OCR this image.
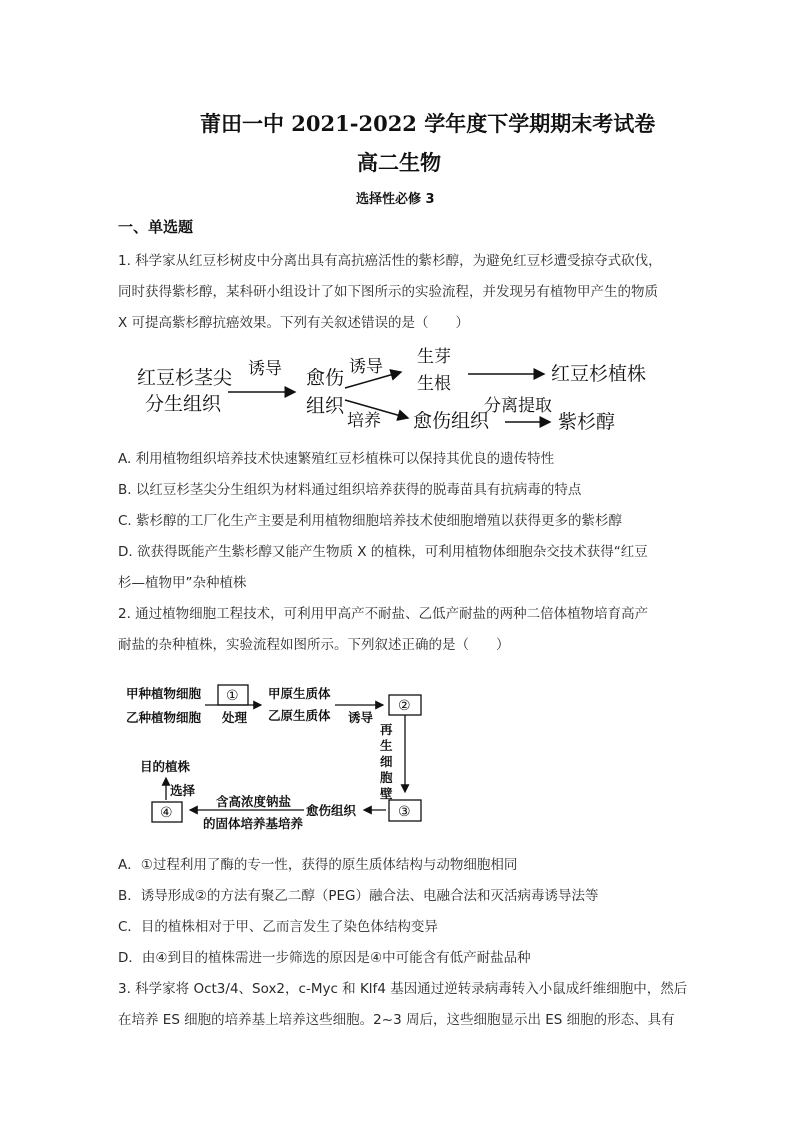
莆田一中 2021-2022 学年度下学期期末考试卷
高二生物
选择性必修 3
一、单选题
1. 科学家从红豆杉树皮中分离出具有高抗癌活性的紫杉醇，为避免红豆杉遭受掠夺式砍伐，
同时获得紫杉醇，某科研小组设计了如下图所示的实验流程，并发现另有植物甲产生的物质
X 可提高紫杉醇抗癌效果。下列有关叙述错误的是（　　）
红豆杉茎尖
分生组织
诱导 愈伤
组织
诱导
培养
生芽
生根	红豆杉植株
愈伤组织
分离提取
紫杉醇
A. 利用植物组织培养技术快速繁殖红豆杉植株可以保持其优良的遗传特性
B. 以红豆杉茎尖分生组织为材料通过组织培养获得的脱毒苗具有抗病毒的特点
C. 紫杉醇的工厂化生产主要是利用植物细胞培养技术使细胞增殖以获得更多的紫杉醇
D. 欲获得既能产生紫杉醇又能产生物质 X 的植株，可利用植物体细胞杂交技术获得“红豆
杉—植物甲”杂种植株
2. 通过植物细胞工程技术，可利用甲高产不耐盐、乙低产耐盐的两种二倍体植物培育高产
耐盐的杂种植株，实验流程如图所示。下列叙述正确的是（　　）
甲种植物细胞
乙种植物细胞
①
处理
甲原生质体
乙原生质体 诱导
②
再
生
细
胞
壁
③
愈伤组织
含高浓度钠盐
的固体培养基培养
④
选择
目的植株
A．①过程利用了酶的专一性，获得的原生质体结构与动物细胞相同
B．诱导形成②的方法有聚乙二醇（PEG）融合法、电融合法和灭活病毒诱导法等
C．目的植株相对于甲、乙而言发生了染色体结构变异
D．由④到目的植株需进一步筛选的原因是④中可能含有低产耐盐品种
3. 科学家将 Oct3/4、Sox2，c-Myc 和 Klf4 基因通过逆转录病毒转入小鼠成纤维细胞中，然后
在培养 ES 细胞的培养基上培养这些细胞。2~3 周后，这些细胞显示出 ES 细胞的形态、具有
